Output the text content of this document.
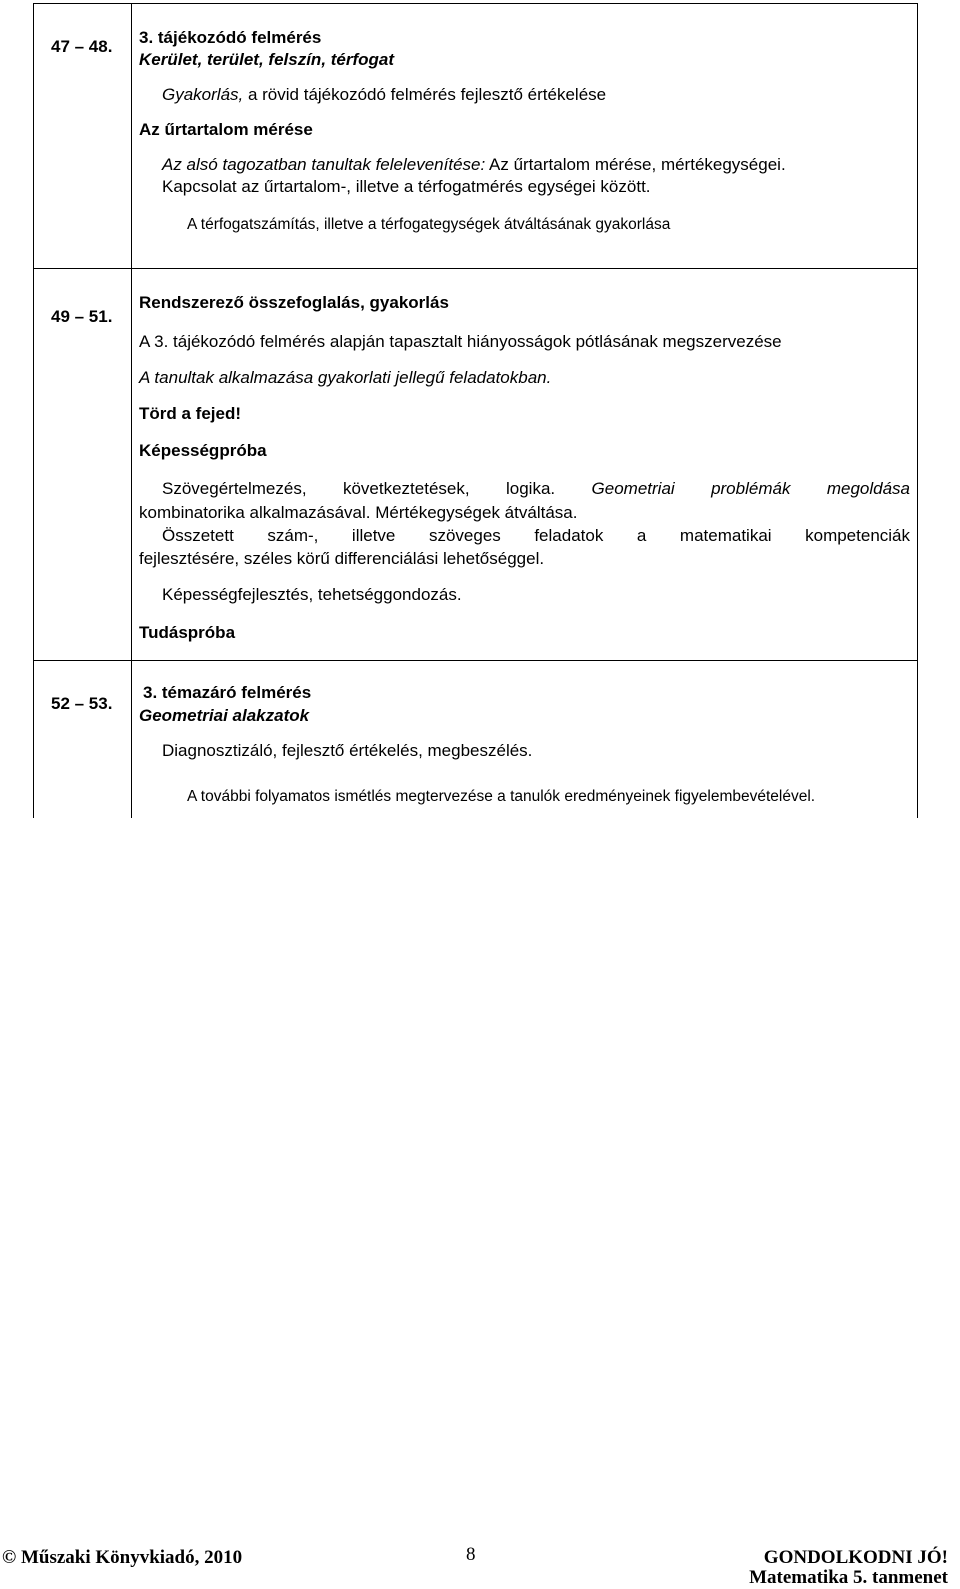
47 – 48. 3. tájékozódó felmérés
Kerület, terület, felszín, térfogat
Gyakorlás, a rövid tájékozódó felmérés fejlesztő értékelése
Az űrtartalom mérése
Az alsó tagozatban tanultak felelevenítése: Az űrtartalom mérése, mértékegységei.
Kapcsolat az űrtartalom-, illetve a térfogatmérés egységei között.
A térfogatszámítás, illetve a térfogategységek átváltásának gyakorlása
49 – 51.
Rendszerező összefoglalás, gyakorlás
A 3. tájékozódó felmérés alapján tapasztalt hiányosságok pótlásának megszervezése
A tanultak alkalmazása gyakorlati jellegű feladatokban.
Törd a fejed!
Képességpróba
Szövegértelmezés, következtetések, logika. Geometriai problémák megoldása
kombinatorika alkalmazásával. Mértékegységek átváltása.
Összetett szám-, illetve szöveges feladatok a matematikai kompetenciák
fejlesztésére, széles körű differenciálási lehetőséggel.
Képességfejlesztés, tehetséggondozás.
Tudáspróba
52 – 53.
3. témazáró felmérés
Geometriai alakzatok
Diagnosztizáló, fejlesztő értékelés, megbeszélés.
A további folyamatos ismétlés megtervezése a tanulók eredményeinek figyelembevételével.
© Műszaki Könyvkiadó, 2010	8	GONDOLKODNI JÓ!
Matematika 5. tanmenet
